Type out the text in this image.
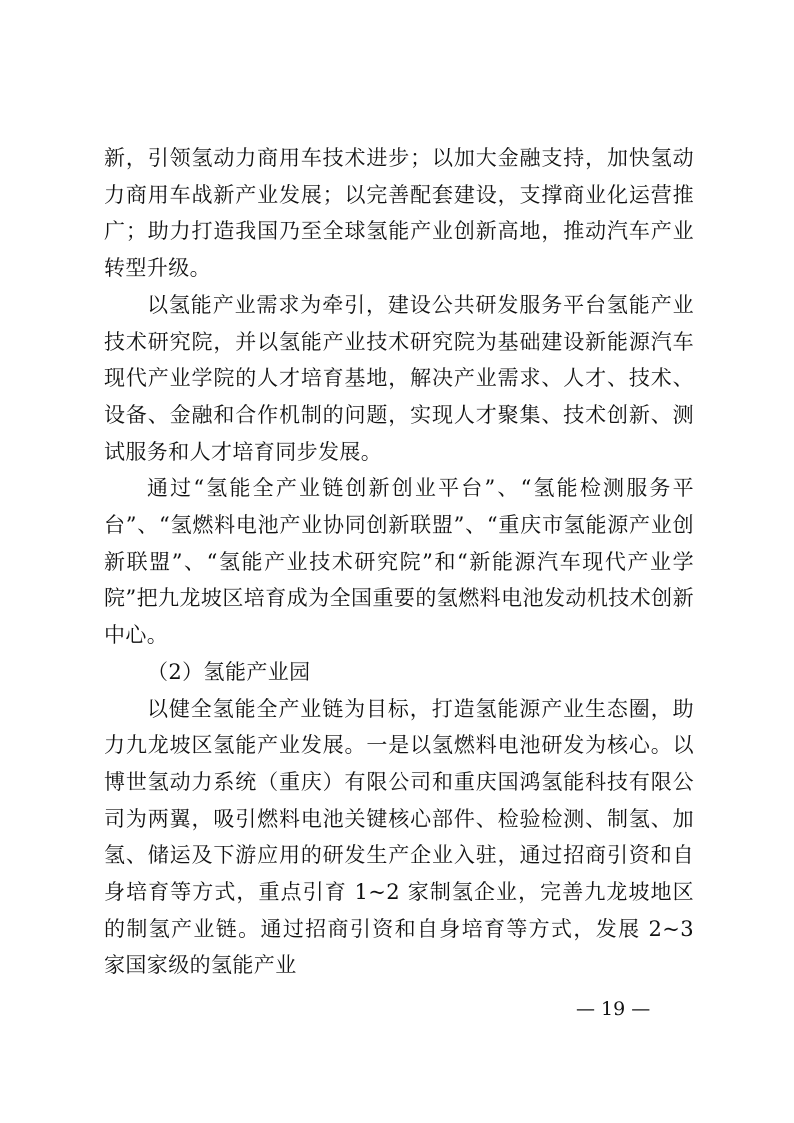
新，引领氢动力商用车技术进步；以加大金融支持，加快氢动力商用车战新产业发展；以完善配套建设，支撑商业化运营推广；助力打造我国乃至全球氢能产业创新高地，推动汽车产业转型升级。

以氢能产业需求为牵引，建设公共研发服务平台氢能产业技术研究院，并以氢能产业技术研究院为基础建设新能源汽车现代产业学院的人才培育基地，解决产业需求、人才、技术、设备、金融和合作机制的问题，实现人才聚集、技术创新、测试服务和人才培育同步发展。

通过“氢能全产业链创新创业平台”、“氢能检测服务平台”、“氢燃料电池产业协同创新联盟”、“重庆市氢能源产业创新联盟”、“氢能产业技术研究院”和“新能源汽车现代产业学院”把九龙坡区培育成为全国重要的氢燃料电池发动机技术创新中心。

（2）氢能产业园

以健全氢能全产业链为目标，打造氢能源产业生态圈，助力九龙坡区氢能产业发展。一是以氢燃料电池研发为核心。以博世氢动力系统（重庆）有限公司和重庆国鸿氢能科技有限公司为两翼，吸引燃料电池关键核心部件、检验检测、制氢、加氢、储运及下游应用的研发生产企业入驻，通过招商引资和自身培育等方式，重点引育 1~2 家制氢企业，完善九龙坡地区的制氢产业链。通过招商引资和自身培育等方式，发展 2~3 家国家级的氢能产业

— 19 —
